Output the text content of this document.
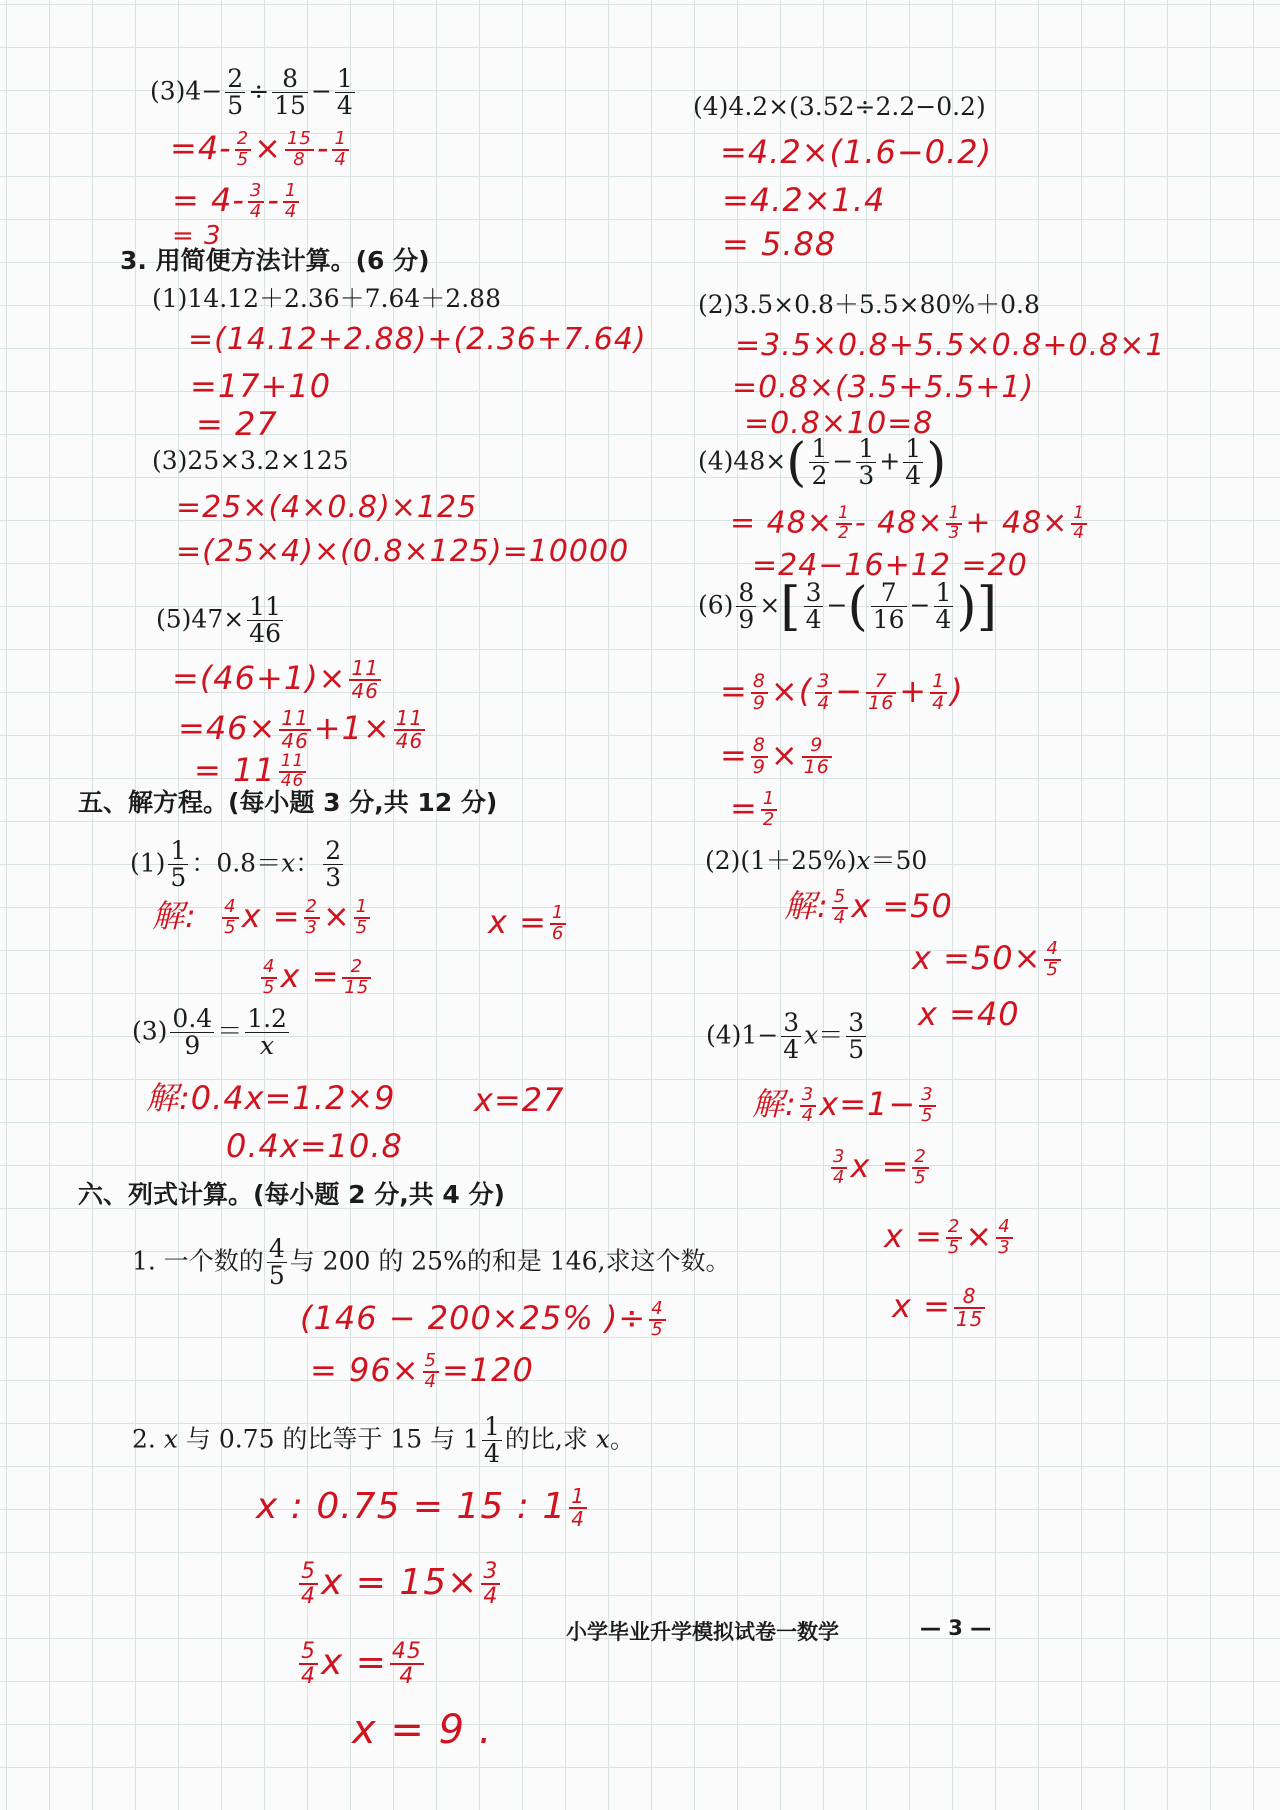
$(3)4- \frac{2}{5} \div \frac{8}{15} - \frac{1}{4}$
$=4- \frac{2}{5} \times \frac{15}{8} - \frac{1}{4}$
= $4- \frac{3}{4} - \frac{1}{4}$
= 3
(4)4.2×(3.52÷2.2−0.2)
=4.2×(1.6−0.2)
=4.2×1.4
= 5.88
3. 用简便方法计算。(6 分)
(1)14.12＋2.36＋7.64＋2.88
=(14.12+2.88)+(2.36+7.64)
=17+10
= 27
(2)3.5×0.8＋5.5×80%＋0.8
=3.5×0.8+5.5×0.8+0.8×1
=0.8×(3.5+5.5+1)
=0.8×10=8
(3)25×3.2×125
=25×(4×0.8)×125
=(25×4)×(0.8×125)=10000
$(4)48\times( \frac{1}{2} - \frac{1}{3} + \frac{1}{4}$ )
= $48\times \frac{1}{2} - 48\times \frac{1}{3} + 48\times \frac{1}{4}$
=24−16+12 =20
$(5)47\times \frac{11}{46}$
$=(46+1)\times \frac{11}{46}$
$=46\times \frac{11}{46} +1\times \frac{11}{46}$
= $11 \frac{11}{46}$
$(6) \frac{8}{9}$ ×[ $\frac{3}{4}$ −( $\frac{7}{16} - \frac{1}{4}$ )]
= $\frac{8}{9}$ ×( $\frac{3}{4} - \frac{7}{16} + \frac{1}{4}$ )
= $\frac{8}{9} \times \frac{9}{16}$
= $\frac{1}{2}$
五、解方程。(每小题 3 分,共 12 分)
$(1) \frac{1}{5}$ ：0.8＝x： $\frac{2}{3}$
解: $\frac{4}{5}$ $x = \frac{2}{3} \times \frac{1}{5}$
$\frac{4}{5}$ $x = \frac{2}{15}$
$x = \frac{1}{6}$
(2)(1＋25%)x＝50
解: $\frac{5}{4}$ x =50
$x =50\times \frac{4}{5}$
x =40
$(3) \frac{0.4}{9} = \frac{1.2}{x}$
解:0.4x=1.2×9
0.4x=10.8
x=27
$(4)1- \frac{3}{4} x= \frac{3}{5}$
解: $\frac{3}{4} x=1- \frac{3}{5}$
$\frac{3}{4}$ $x = \frac{2}{5}$
$x = \frac{2}{5} \times \frac{4}{3}$
$x = \frac{8}{15}$
六、列式计算。(每小题 2 分,共 4 分)
1. 一个数的 $\frac{4}{5}$ 与 200 的 25%的和是 146,求这个数。
(146 − 200×25% )÷ $\frac{4}{5}$
= $96\times \frac{5}{4} =120$
2. x 与 0.75 的比等于 15 与 $1 \frac{1}{4}$ 的比,求 x。
x : 0.75 = 15 : $1 \frac{1}{4}$
$\frac{5}{4}$ $x = 15\times \frac{3}{4}$
$\frac{5}{4}$ $x = \frac{45}{4}$
x = 9 .
小学毕业升学模拟试卷一数学	— 3 —
